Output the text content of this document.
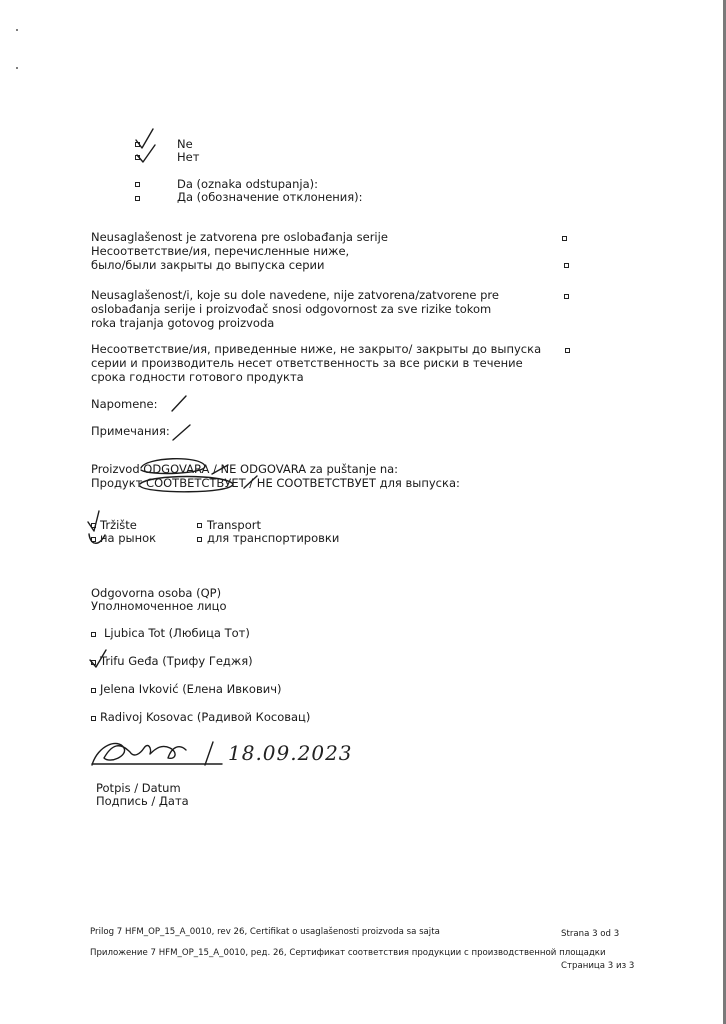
Ne
Нет
Da (oznaka odstupanja):
Да (обозначение отклонения):
Neusaglašenost je zatvorena pre oslobađanja serije
Несоответствие/ия, перечисленные ниже,
было/были закрыты до выпуска серии
Neusaglašenost/i, koje su dole navedene, nije zatvorena/zatvorene pre
oslobađanja serije i proizvođač snosi odgovornost za sve rizike tokom
roka trajanja gotovog proizvoda
Несоответствие/ия, приведенные ниже, не закрыто/ закрыты до выпуска
серии и производитель несет ответственность за все риски в течение
срока годности готового продукта
Napomene:
Примечания:
Proizvod ODGOVARA / NE ODGOVARA za puštanje na:
Продукт СООТВЕТСТВУЕТ / НЕ СООТВЕТСТВУЕТ для выпуска:
Tržište
на рынок
Transport
для транспортировки
Odgovorna osoba (QP)
Уполномоченное лицо
Ljubica Tot (Любица Тот)
Trifu Geđa (Трифу Геджя)
Jelena Ivković (Елена Ивкович)
Radivoj Kosovac (Радивой Косовац)
18.09.2023
Potpis / Datum
Подпись / Дата
Prilog 7 HFM_OP_15_A_0010, rev 26, Certifikat o usaglašenosti proizvoda sa sajta	Strana 3 od 3
Приложение 7 HFM_OP_15_A_0010, ред. 26, Сертификат соответствия продукции с производственной площадки
Страница 3 из 3
